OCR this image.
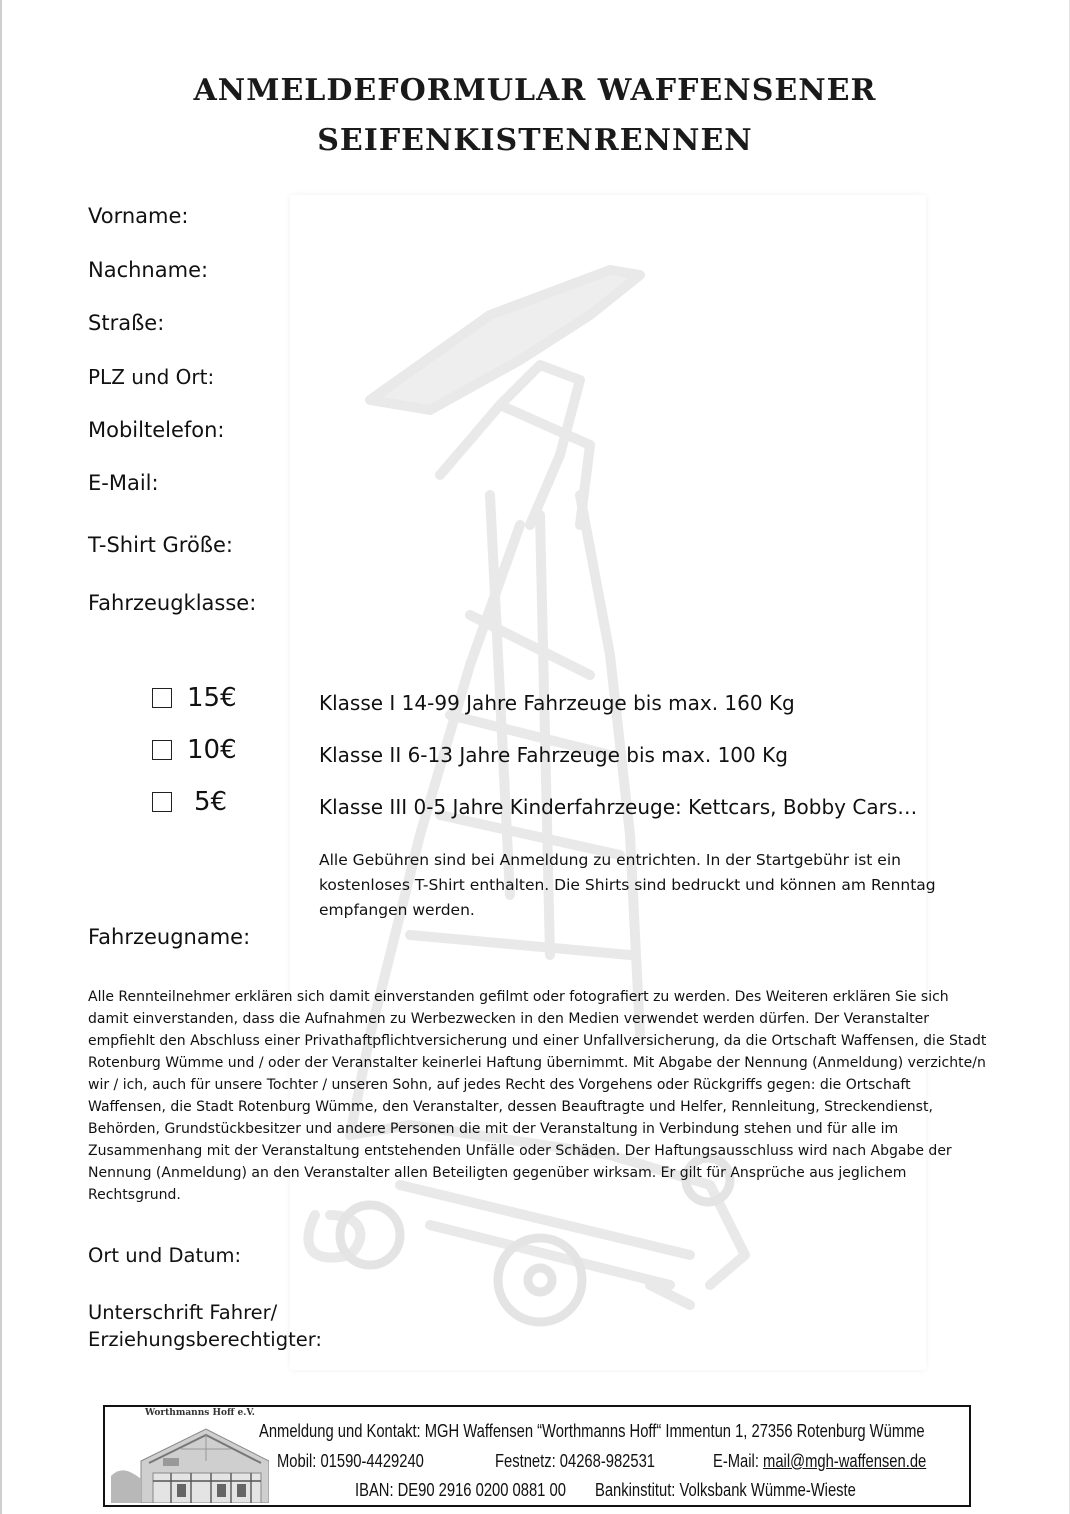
ANMELDEFORMULAR WAFFENSENER
SEIFENKISTENRENNEN
Vorname:
Nachname:
Straße:
PLZ und Ort:
Mobiltelefon:
E-Mail:
T-Shirt Größe:
Fahrzeugklasse:
15€	Klasse I 14-99 Jahre Fahrzeuge bis max. 160 Kg
10€	Klasse II 6-13 Jahre Fahrzeuge bis max. 100 Kg
5€	Klasse III 0-5 Jahre Kinderfahrzeuge: Kettcars, Bobby Cars…
Alle Gebühren sind bei Anmeldung zu entrichten. In der Startgebühr ist ein kostenloses T-Shirt enthalten. Die Shirts sind bedruckt und können am Renntag empfangen werden.
Fahrzeugname:
Alle Rennteilnehmer erklären sich damit einverstanden gefilmt oder fotografiert zu werden. Des Weiteren erklären Sie sich damit einverstanden, dass die Aufnahmen zu Werbezwecken in den Medien verwendet werden dürfen. Der Veranstalter empfiehlt den Abschluss einer Privathaftpflichtversicherung und einer Unfallversicherung, da die Ortschaft Waffensen, die Stadt Rotenburg Wümme und / oder der Veranstalter keinerlei Haftung übernimmt. Mit Abgabe der Nennung (Anmeldung) verzichte/n wir / ich, auch für unsere Tochter / unseren Sohn, auf jedes Recht des Vorgehens oder Rückgriffs gegen: die Ortschaft Waffensen, die Stadt Rotenburg Wümme, den Veranstalter, dessen Beauftragte und Helfer, Rennleitung, Streckendienst, Behörden, Grundstückbesitzer und andere Personen die mit der Veranstaltung in Verbindung stehen und für alle im Zusammenhang mit der Veranstaltung entstehenden Unfälle oder Schäden. Der Haftungsausschluss wird nach Abgabe der Nennung (Anmeldung) an den Veranstalter allen Beteiligten gegenüber wirksam. Er gilt für Ansprüche aus jeglichem Rechtsgrund.
Ort und Datum:
Unterschrift Fahrer/
Erziehungsberechtigter:
Worthmanns Hoff e.V.
Anmeldung und Kontakt: MGH Waffensen “Worthmanns Hoff“ Immentun 1, 27356 Rotenburg Wümme
Mobil: 01590-4429240	Festnetz: 04268-982531	E-Mail: mail@mgh-waffensen.de
IBAN: DE90 2916 0200 0881 00 Bankinstitut: Volksbank Wümme-Wieste
